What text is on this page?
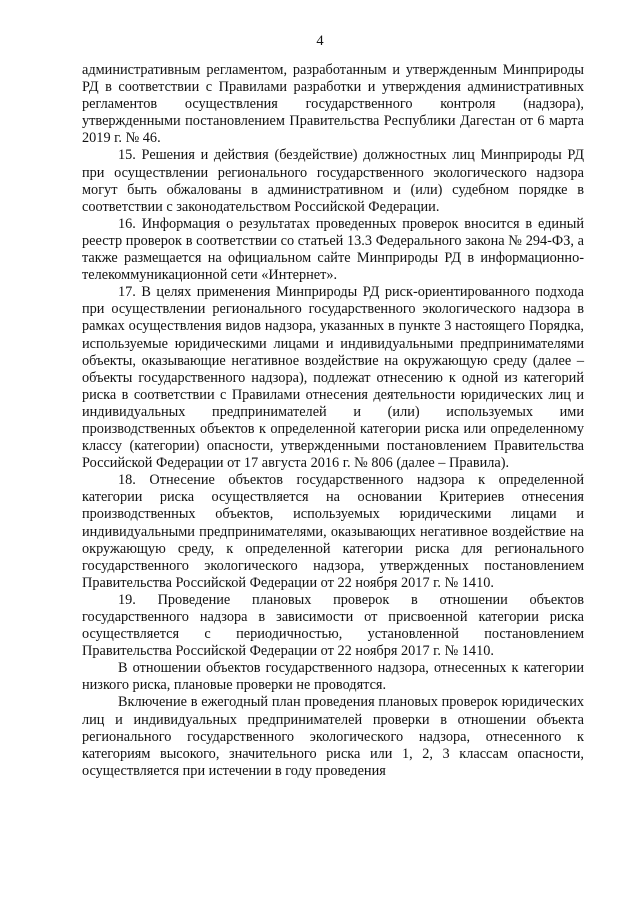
4

административным регламентом, разработанным и утвержденным Минприроды РД в соответствии с Правилами разработки и утверждения административных регламентов осуществления государственного контроля (надзора), утвержденными постановлением Правительства Республики Дагестан от 6 марта 2019 г. № 46.

15. Решения и действия (бездействие) должностных лиц Минприроды РД при осуществлении регионального государственного экологического надзора могут быть обжалованы в административном и (или) судебном порядке в соответствии с законодательством Российской Федерации.

16. Информация о результатах проведенных проверок вносится в единый реестр проверок в соответствии со статьей 13.3 Федерального закона № 294-ФЗ, а также размещается на официальном сайте Минприроды РД в информационно-телекоммуникационной сети «Интернет».

17. В целях применения Минприроды РД риск-ориентированного подхода при осуществлении регионального государственного экологического надзора в рамках осуществления видов надзора, указанных в пункте 3 настоящего Порядка, используемые юридическими лицами и индивидуальными предпринимателями объекты, оказывающие негативное воздействие на окружающую среду (далее – объекты государственного надзора), подлежат отнесению к одной из категорий риска в соответствии с Правилами отнесения деятельности юридических лиц и индивидуальных предпринимателей и (или) используемых ими производственных объектов к определенной категории риска или определенному классу (категории) опасности, утвержденными постановлением Правительства Российской Федерации от 17 августа 2016 г. № 806 (далее – Правила).

18. Отнесение объектов государственного надзора к определенной категории риска осуществляется на основании Критериев отнесения производственных объектов, используемых юридическими лицами и индивидуальными предпринимателями, оказывающих негативное воздействие на окружающую среду, к определенной категории риска для регионального государственного экологического надзора, утвержденных постановлением Правительства Российской Федерации от 22 ноября 2017 г. № 1410.

19. Проведение плановых проверок в отношении объектов государственного надзора в зависимости от присвоенной категории риска осуществляется с периодичностью, установленной постановлением Правительства Российской Федерации от 22 ноября 2017 г. № 1410.

В отношении объектов государственного надзора, отнесенных к категории низкого риска, плановые проверки не проводятся.

Включение в ежегодный план проведения плановых проверок юридических лиц и индивидуальных предпринимателей проверки в отношении объекта регионального государственного экологического надзора, отнесенного к категориям высокого, значительного риска или 1, 2, 3 классам опасности, осуществляется при истечении в году проведения
